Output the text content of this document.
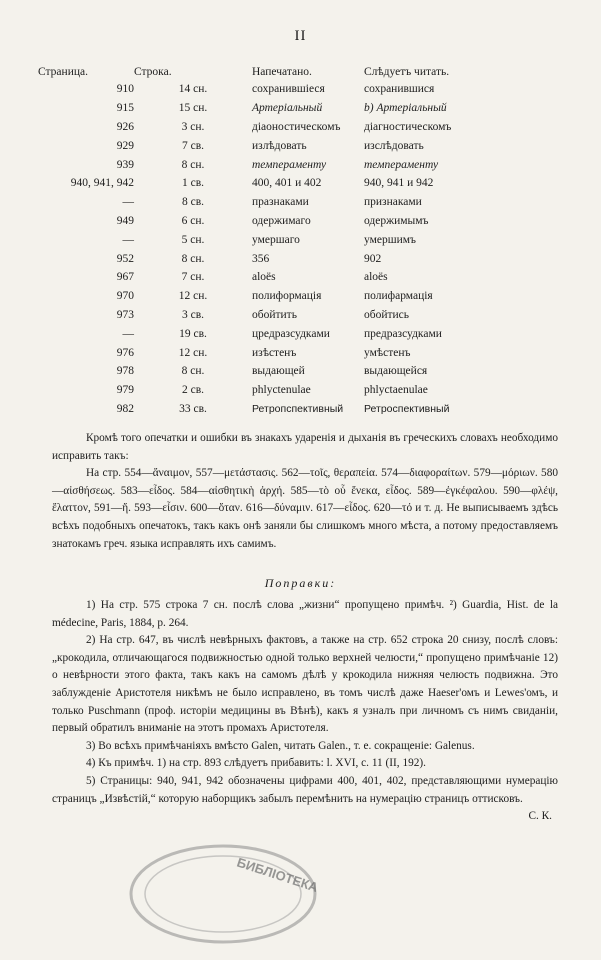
II
Страница.	Строка.	Напечатано.	Слѣдуетъ читать.
910	14 сн.	сохранившіеся	сохранившися
915	15 сн.	Артеріальный	b) Артеріальный
926	3 сн.	діаоностическомъ	діагностическомъ
929	7 св.	излѣдовать	изслѣдовать
939	8 сн.	темпераменту	темпераменту
940, 941, 942	1 св.	400, 401 и 402	940, 941 и 942
—	8 св.	празнаками	признаками
949	6 сн.	одержимаго	одержимымъ
—	5 сн.	умершаго	умершимъ
952	8 сн.	356	902
967	7 сн.	aloёs	aloёs
970	12 сн.	полиформація	полифармація
973	3 св.	обойтить	обойтись
—	19 св.	цредразсудками	предразсудками
976	12 сн.	изѣстенъ	умѣстенъ
978	8 сн.	выдающей	выдающейся
979	2 св.	phlyctenulae	phlyctaenulae
982	33 св.	Ретропспективный	Ретроспективный

Кромѣ того опечатки и ошибки въ знакахъ ударенія и дыханія въ греческихъ словахъ необходимо исправить такъ:

На стр. 554—ἄναιμον, 557—μετάστασις. 562—τοῖς, θεραπεία. 574—διαφοραίτων. 579—μόριων. 580—αἰσθήσεως. 583—εἶδος. 584—αἰσθητικὴ ἀρχή. 585—τὸ οὗ ἕνεκα, εἶδος. 589—ἐγκέφαλου. 590—φλέψ, ἔλαττον, 591—ἤ. 593—εἶσιν. 600—ὅταν. 616—δύναμιν. 617—εἶδος. 620—τό и т. д. Не выписываемъ здѣсь всѣхъ подобныхъ опечатокъ, такъ какъ онѣ заняли бы слишкомъ много мѣста, а потому предоставляемъ знатокамъ греч. языка исправлять ихъ самимъ.

Поправки:

1) На стр. 575 строка 7 сн. послѣ слова „жизни“ пропущено примѣч. ²) Guardia, Hist. de la médecine, Paris, 1884, p. 264.

2) На стр. 647, въ числѣ невѣрныхъ фактовъ, а также на стр. 652 строка 20 снизу, послѣ словъ: „крокодила, отличающагося подвижностью одной только верхней челюсти,“ пропущено примѣчаніе 12) о невѣрности этого факта, такъ какъ на самомъ дѣлѣ у крокодила нижняя челюсть подвижна. Это заблужденіе Аристотеля никѣмъ не было исправлено, въ томъ числѣ даже Haeser'омъ и Lewes'омъ, и только Puschmann (проф. исторіи медицины въ Вѣнѣ), какъ я узналъ при личномъ съ нимъ свиданіи, первый обратилъ вниманіе на этотъ промахъ Аристотеля.

3) Во всѣхъ примѣчаніяхъ вмѣсто Galen, читать Galen., т. е. сокращеніе: Galenus.

4) Къ примѣч. 1) на стр. 893 слѣдуетъ прибавить: l. XVI, c. 11 (II, 192).

5) Страницы: 940, 941, 942 обозначены цифрами 400, 401, 402, представляющими нумерацію страницъ „Извѣстій,“ которую наборщикъ забылъ перемѣнить на нумерацію страницъ оттисковъ.

С. К.

БИБЛІОТЕКА
